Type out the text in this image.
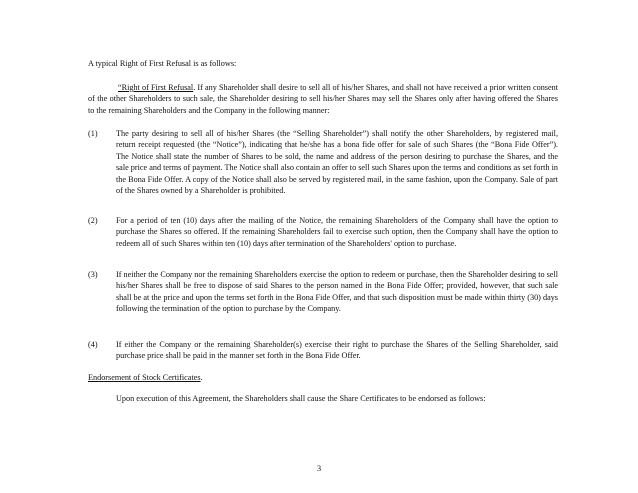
A typical Right of First Refusal is as follows:
“Right of First Refusal. If any Shareholder shall desire to sell all of his/her Shares, and shall not have received a prior written consent of the other Shareholders to such sale, the Shareholder desiring to sell his/her Shares may sell the Shares only after having offered the Shares to the remaining Shareholders and the Company in the following manner:
(1)	The party desiring to sell all of his/her Shares (the “Selling Shareholder”) shall notify the other Shareholders, by registered mail, return receipt requested (the “Notice”), indicating that he/she has a bona fide offer for sale of such Shares (the “Bona Fide Offer”). The Notice shall state the number of Shares to be sold, the name and address of the person desiring to purchase the Shares, and the sale price and terms of payment. The Notice shall also contain an offer to sell such Shares upon the terms and conditions as set forth in the Bona Fide Offer. A copy of the Notice shall also be served by registered mail, in the same fashion, upon the Company. Sale of part of the Shares owned by a Shareholder is prohibited.
(2)	For a period of ten (10) days after the mailing of the Notice, the remaining Shareholders of the Company shall have the option to purchase the Shares so offered. If the remaining Shareholders fail to exercise such option, then the Company shall have the option to redeem all of such Shares within ten (10) days after termination of the Shareholders' option to purchase.
(3)	If neither the Company nor the remaining Shareholders exercise the option to redeem or purchase, then the Shareholder desiring to sell his/her Shares shall be free to dispose of said Shares to the person named in the Bona Fide Offer; provided, however, that such sale shall be at the price and upon the terms set forth in the Bona Fide Offer, and that such disposition must be made within thirty (30) days following the termination of the option to purchase by the Company.
(4)	If either the Company or the remaining Shareholder(s) exercise their right to purchase the Shares of the Selling Shareholder, said purchase price shall be paid in the manner set forth in the Bona Fide Offer.
Endorsement of Stock Certificates.
Upon execution of this Agreement, the Shareholders shall cause the Share Certificates to be endorsed as follows:
3
